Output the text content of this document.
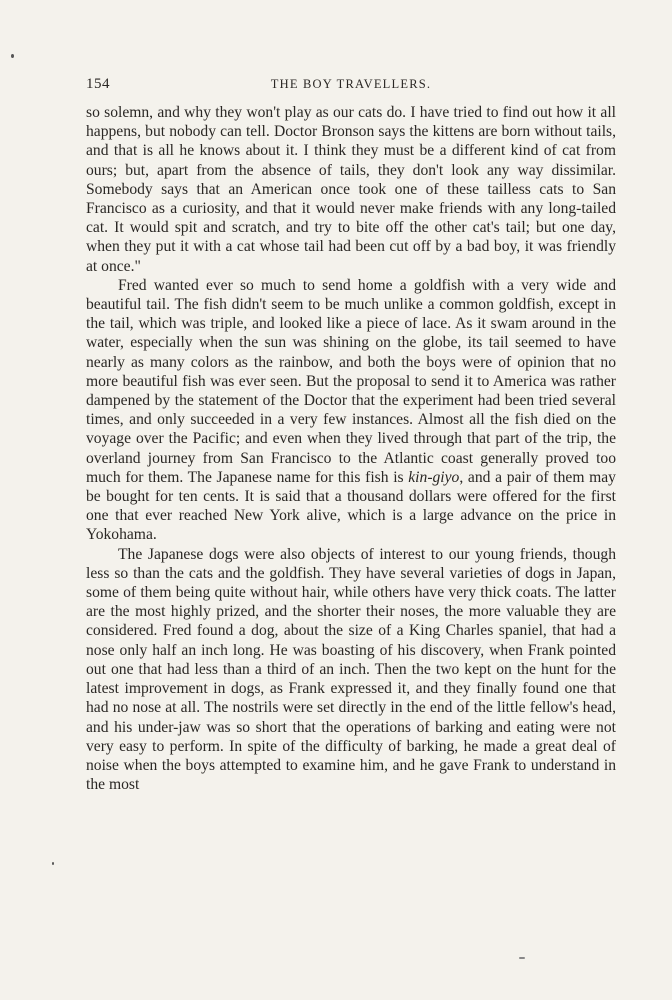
154	THE BOY TRAVELLERS.

so solemn, and why they won't play as our cats do. I have tried to find out how it all happens, but nobody can tell. Doctor Bronson says the kittens are born without tails, and that is all he knows about it. I think they must be a different kind of cat from ours; but, apart from the absence of tails, they don't look any way dissimilar. Somebody says that an American once took one of these tailless cats to San Francisco as a curiosity, and that it would never make friends with any long-tailed cat. It would spit and scratch, and try to bite off the other cat's tail; but one day, when they put it with a cat whose tail had been cut off by a bad boy, it was friendly at once."

Fred wanted ever so much to send home a goldfish with a very wide and beautiful tail. The fish didn't seem to be much unlike a common goldfish, except in the tail, which was triple, and looked like a piece of lace. As it swam around in the water, especially when the sun was shining on the globe, its tail seemed to have nearly as many colors as the rainbow, and both the boys were of opinion that no more beautiful fish was ever seen. But the proposal to send it to America was rather dampened by the statement of the Doctor that the experiment had been tried several times, and only succeeded in a very few instances. Almost all the fish died on the voyage over the Pacific; and even when they lived through that part of the trip, the overland journey from San Francisco to the Atlantic coast generally proved too much for them. The Japanese name for this fish is kin-giyo, and a pair of them may be bought for ten cents. It is said that a thousand dollars were offered for the first one that ever reached New York alive, which is a large advance on the price in Yokohama.

The Japanese dogs were also objects of interest to our young friends, though less so than the cats and the goldfish. They have several varieties of dogs in Japan, some of them being quite without hair, while others have very thick coats. The latter are the most highly prized, and the shorter their noses, the more valuable they are considered. Fred found a dog, about the size of a King Charles spaniel, that had a nose only half an inch long. He was boasting of his discovery, when Frank pointed out one that had less than a third of an inch. Then the two kept on the hunt for the latest improvement in dogs, as Frank expressed it, and they finally found one that had no nose at all. The nostrils were set directly in the end of the little fellow's head, and his under-jaw was so short that the operations of barking and eating were not very easy to perform. In spite of the difficulty of barking, he made a great deal of noise when the boys attempted to examine him, and he gave Frank to understand in the most
